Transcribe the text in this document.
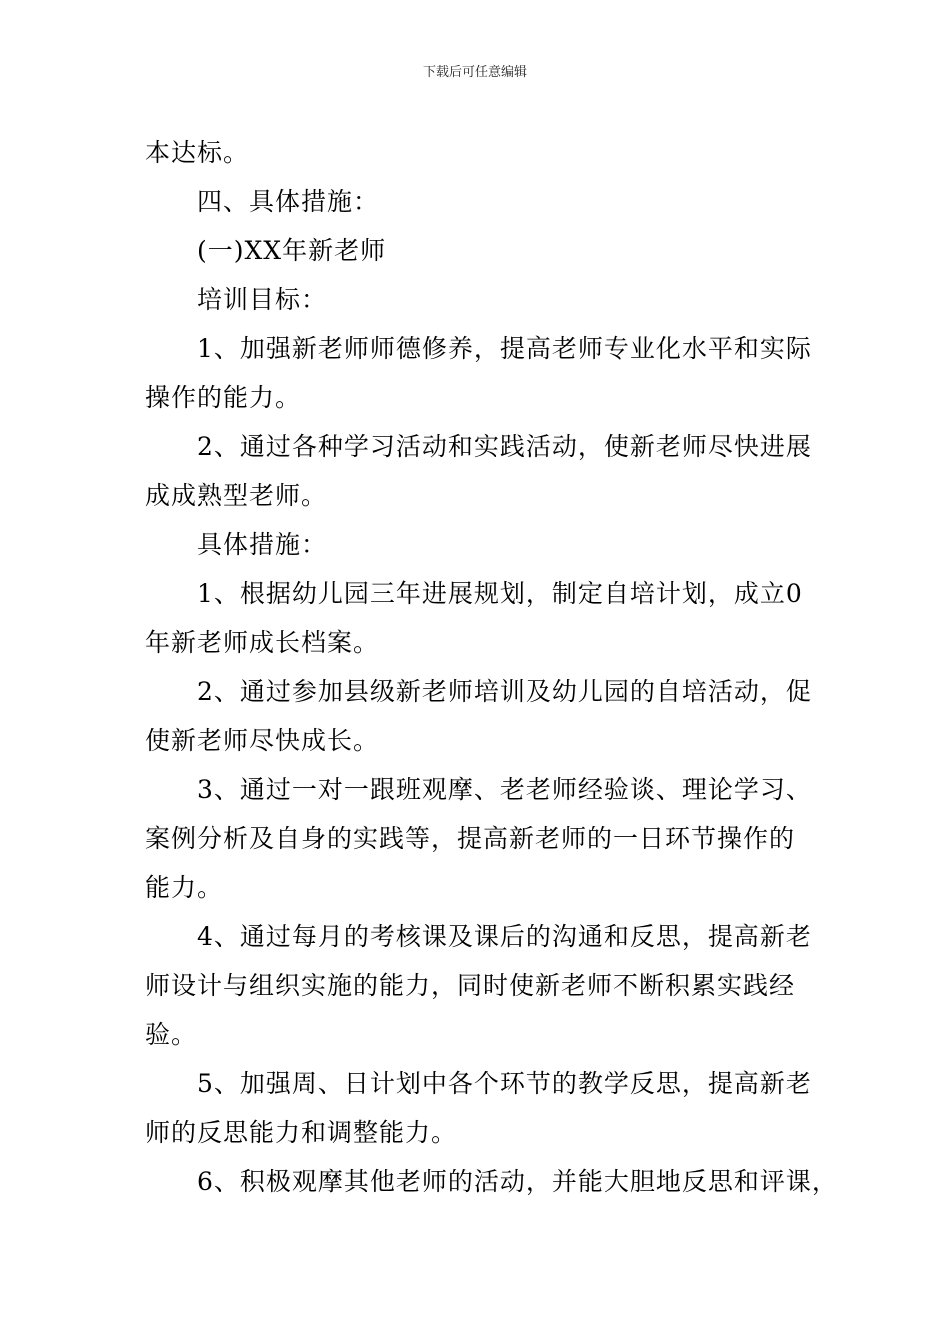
下载后可任意编辑
本达标。
四、具体措施：
(一)XX年新老师
培训目标：
1、加强新老师师德修养，提高老师专业化水平和实际
操作的能力。
2、通过各种学习活动和实践活动，使新老师尽快进展
成成熟型老师。
具体措施：
1、根据幼儿园三年进展规划，制定自培计划，成立0
年新老师成长档案。
2、通过参加县级新老师培训及幼儿园的自培活动，促
使新老师尽快成长。
3、通过一对一跟班观摩、老老师经验谈、理论学习、
案例分析及自身的实践等，提高新老师的一日环节操作的
能力。
4、通过每月的考核课及课后的沟通和反思，提高新老
师设计与组织实施的能力，同时使新老师不断积累实践经
验。
5、加强周、日计划中各个环节的教学反思，提高新老
师的反思能力和调整能力。
6、积极观摩其他老师的活动，并能大胆地反思和评课，
